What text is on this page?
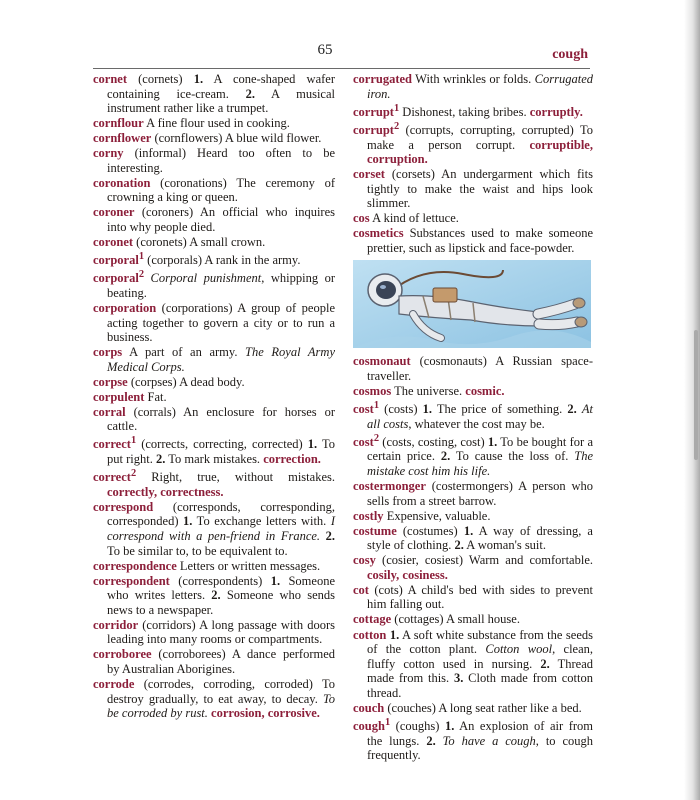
65	cough
cornet (cornets) 1. A cone-shaped wafer containing ice-cream. 2. A musical instrument rather like a trumpet.
cornflour A fine flour used in cooking.
cornflower (cornflowers) A blue wild flower.
corny (informal) Heard too often to be interesting.
coronation (coronations) The ceremony of crowning a king or queen.
coroner (coroners) An official who inquires into why people died.
coronet (coronets) A small crown.
corporal$^1$ (corporals) A rank in the army.
corporal$^2$ Corporal punishment, whipping or beating.
corporation (corporations) A group of people acting together to govern a city or to run a business.
corps A part of an army. The Royal Army Medical Corps.
corpse (corpses) A dead body.
corpulent Fat.
corral (corrals) An enclosure for horses or cattle.
correct$^1$ (corrects, correcting, corrected) 1. To put right. 2. To mark mistakes. correction.
correct$^2$ Right, true, without mistakes. correctly, correctness.
correspond (corresponds, corresponding, corresponded) 1. To exchange letters with. I correspond with a pen-friend in France. 2. To be similar to, to be equivalent to.
correspondence Letters or written messages.
correspondent (correspondents) 1. Someone who writes letters. 2. Someone who sends news to a newspaper.
corridor (corridors) A long passage with doors leading into many rooms or compartments.
corroboree (corroborees) A dance performed by Australian Aborigines.
corrode (corrodes, corroding, corroded) To destroy gradually, to eat away, to decay. To be corroded by rust. corrosion, corrosive.
corrugated With wrinkles or folds. Corrugated iron.
corrupt$^1$ Dishonest, taking bribes. corruptly.
corrupt$^2$ (corrupts, corrupting, corrupted) To make a person corrupt. corruptible, corruption.
corset (corsets) An undergarment which fits tightly to make the waist and hips look slimmer.
cos A kind of lettuce.
cosmetics Substances used to make someone prettier, such as lipstick and face-powder.
cosmonaut (cosmonauts) A Russian space-traveller.
cosmos The universe. cosmic.
cost$^1$ (costs) 1. The price of something. 2. At all costs, whatever the cost may be.
cost$^2$ (costs, costing, cost) 1. To be bought for a certain price. 2. To cause the loss of. The mistake cost him his life.
costermonger (costermongers) A person who sells from a street barrow.
costly Expensive, valuable.
costume (costumes) 1. A way of dressing, a style of clothing. 2. A woman's suit.
cosy (cosier, cosiest) Warm and comfortable. cosily, cosiness.
cot (cots) A child's bed with sides to prevent him falling out.
cottage (cottages) A small house.
cotton 1. A soft white substance from the seeds of the cotton plant. Cotton wool, clean, fluffy cotton used in nursing. 2. Thread made from this. 3. Cloth made from cotton thread.
couch (couches) A long seat rather like a bed.
cough$^1$ (coughs) 1. An explosion of air from the lungs. 2. To have a cough, to cough frequently.
